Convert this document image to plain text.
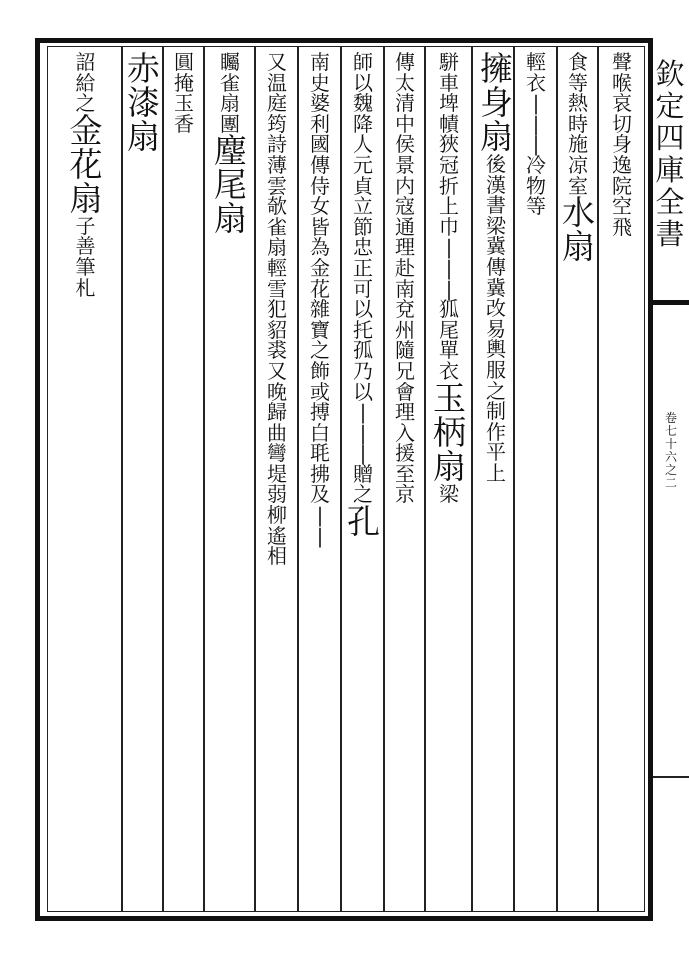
聲
喉
哀
切
身
逸
院
空
飛
食
等
熱
時
施
凉
室
水
扇
輕
衣
|
|
|
冷
物
等
擁
身
扇
後
漢
書
梁
冀
傳
冀
改
易
輿
服
之
制
作
平
上
駢
車
埤
幘
狹
冠
折
上
巾
|
|
|
狐
尾
單
衣
玉
柄
扇
梁
傳
太
清
中
侯
景
内
寇
通
理
赴
南
兗
州
隨
兄
會
理
入
援
至
京
師
以
魏
降
人
元
貞
立
節
忠
正
可
以
托
孤
乃
以
|
|
|
贈
之
孔
南
史
婆
利
國
傳
侍
女
皆
為
金
花
雜
寶
之
飾
或
搏
白
毦
拂
及
|
|
又
温
庭
筠
詩
薄
雲
欹
雀
扇
輕
雪
犯
貂
裘
又
晚
歸
曲
彎
堤
弱
柳
遙
相
矚
雀
扇
團
麈
尾
扇
圓
掩
玉
香
赤
漆
扇
詔
給
之
金
花
扇
子
善
筆
札
欽
定
四
庫
全
書
卷
七
十
六
之
二
